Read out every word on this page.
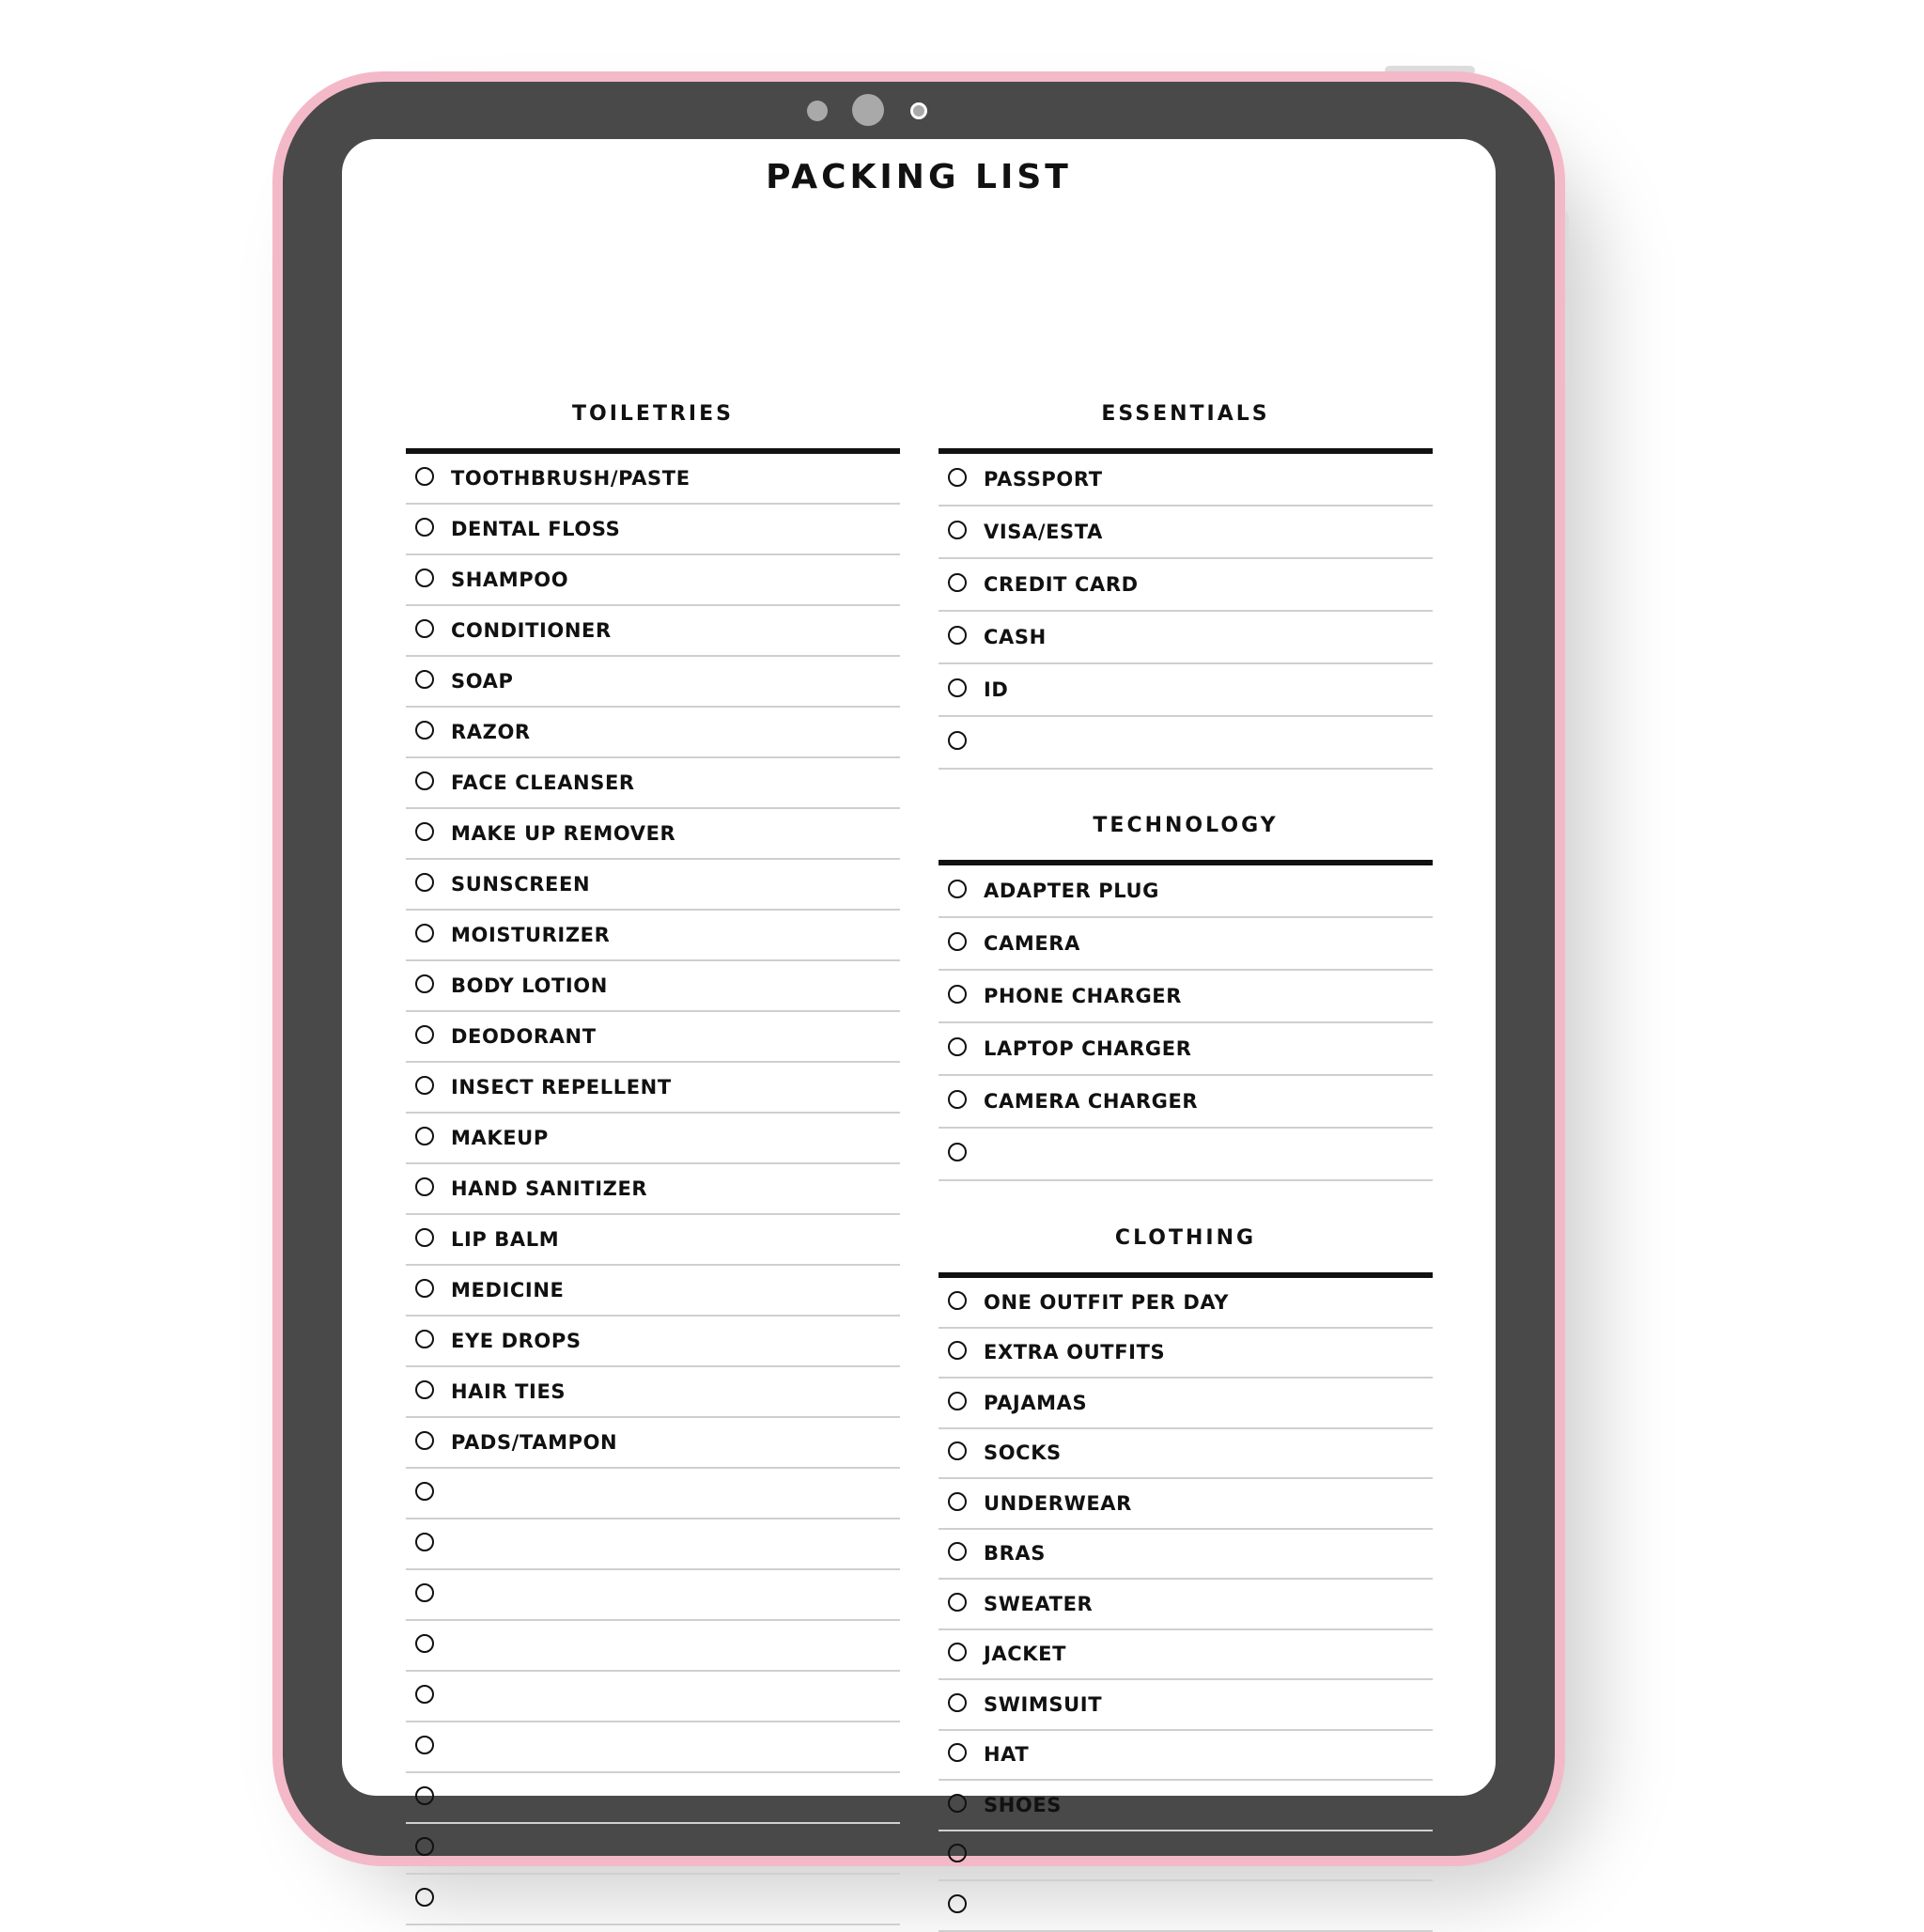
PACKING LIST
TOILETRIES
TOOTHBRUSH/PASTE
DENTAL FLOSS
SHAMPOO
CONDITIONER
SOAP
RAZOR
FACE CLEANSER
MAKE UP REMOVER
SUNSCREEN
MOISTURIZER
BODY LOTION
DEODORANT
INSECT REPELLENT
MAKEUP
HAND SANITIZER
LIP BALM
MEDICINE
EYE DROPS
HAIR TIES
PADS/TAMPON
ESSENTIALS
PASSPORT
VISA/ESTA
CREDIT CARD
CASH
ID
TECHNOLOGY
ADAPTER PLUG
CAMERA
PHONE CHARGER
LAPTOP CHARGER
CAMERA CHARGER
CLOTHING
ONE OUTFIT PER DAY
EXTRA OUTFITS
PAJAMAS
SOCKS
UNDERWEAR
BRAS
SWEATER
JACKET
SWIMSUIT
HAT
SHOES
